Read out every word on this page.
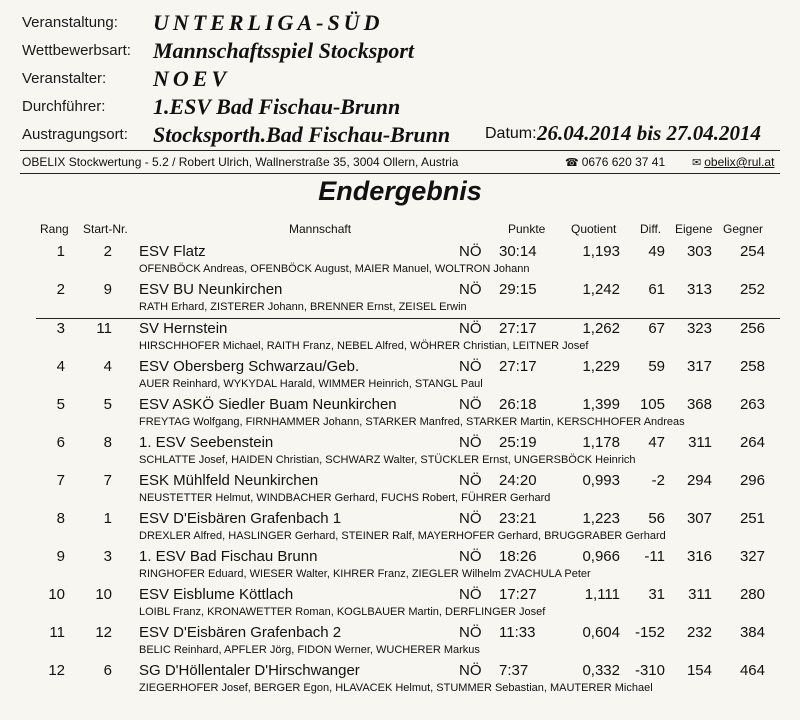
Veranstaltung: UNTERLIGA-SÜD
Wettbewerbsart: Mannschaftsspiel Stocksport
Veranstalter: NOEV
Durchführer: 1.ESV Bad Fischau-Brunn
Austragungsort: Stocksporth.Bad Fischau-Brunn Datum: 26.04.2014 bis 27.04.2014
OBELIX Stockwertung - 5.2 / Robert Ulrich, Wallnerstraße 35, 3004 Ollern, Austria	☎ 0676 620 37 41 ✉ obelix@rul.at
Endergebnis
Rang Start-Nr.	Mannschaft	Punkte Quotient Diff. Eigene Gegner
1	2 ESV Flatz	NÖ 30:14	1,193	49	303	254
OFENBÖCK Andreas, OFENBÖCK August, MAIER Manuel, WOLTRON Johann
2	9 ESV BU Neunkirchen	NÖ 29:15	1,242	61	313	252
RATH Erhard, ZISTERER Johann, BRENNER Ernst, ZEISEL Erwin
3 11 SV Hernstein	NÖ 27:17	1,262	67	323	256
HIRSCHHOFER Michael, RAITH Franz, NEBEL Alfred, WÖHRER Christian, LEITNER Josef
4	4 ESV Obersberg Schwarzau/Geb.	NÖ 27:17	1,229	59	317	258
AUER Reinhard, WYKYDAL Harald, WIMMER Heinrich, STANGL Paul
5	5 ESV ASKÖ Siedler Buam Neunkirchen	NÖ 26:18	1,399	105	368	263
FREYTAG Wolfgang, FIRNHAMMER Johann, STARKER Manfred, STARKER Martin, KERSCHHOFER Andreas
6	8 1. ESV Seebenstein	NÖ 25:19	1,178	47	311	264
SCHLATTE Josef, HAIDEN Christian, SCHWARZ Walter, STÜCKLER Ernst, UNGERSBÖCK Heinrich
7	7 ESK Mühlfeld Neunkirchen	NÖ 24:20	0,993	-2	294	296
NEUSTETTER Helmut, WINDBACHER Gerhard, FUCHS Robert, FÜHRER Gerhard
8	1 ESV D'Eisbären Grafenbach 1	NÖ 23:21	1,223	56	307	251
DREXLER Alfred, HASLINGER Gerhard, STEINER Ralf, MAYERHOFER Gerhard, BRUGGRABER Gerhard
9	3 1. ESV Bad Fischau Brunn	NÖ 18:26	0,966	-11	316	327
RINGHOFER Eduard, WIESER Walter, KIHRER Franz, ZIEGLER Wilhelm ZVACHULA Peter
10 10 ESV Eisblume Köttlach	NÖ 17:27	1,111	31	311	280
LOIBL Franz, KRONAWETTER Roman, KOGLBAUER Martin, DERFLINGER Josef
11 12 ESV D'Eisbären Grafenbach 2	NÖ 11:33	0,604 -152	232	384
BELIC Reinhard, APFLER Jörg, FIDON Werner, WUCHERER Markus
12	6 SG D'Höllentaler D'Hirschwanger	NÖ 7:37	0,332 -310	154	464
ZIEGERHOFER Josef, BERGER Egon, HLAVACEK Helmut, STUMMER Sebastian, MAUTERER Michael
